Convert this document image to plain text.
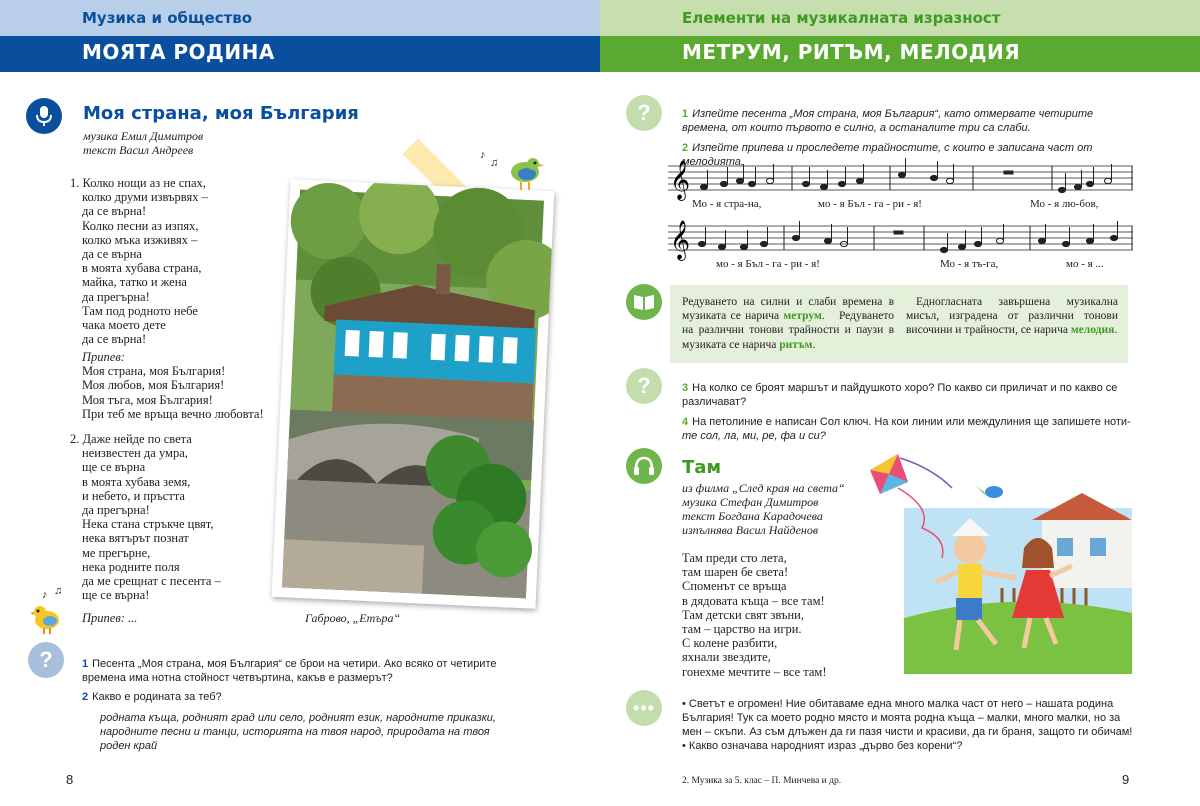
Музика и общество
МОЯТА РОДИНА
Елементи на музикалната изразност
МЕТРУМ, РИТЪМ, МЕЛОДИЯ
Моя страна, моя България
музика Емил Димитров
текст Васил Андреев

1. Колко нощи аз не спах,

колко друми извървях –

да се върна!

Колко песни аз изпях,

колко мъка изживях –

да се върна

в моята хубава страна,

майка, татко и жена

да прегърна!

Там под родното небе

чака моето дете

да се върна!

Припев:

Моя страна, моя България!

Моя любов, моя България!

Моя тъга, моя България!

При теб ме връща вечно любовта!

2. Даже нейде по света

неизвестен да умра,

ще се върна

в моята хубава земя,

и небето, и пръстта

да прегърна!

Нека стана стръкче цвят,

нека вятърът познат

ме прегърне,

нека родните поля

да ме срещнат с песента –

ще се върна!

Припев: ...	Габрово, „Етъра“
♪
♫
♪ ♫
?	1 Песента „Моя страна, моя България“ се брои на четири. Ако всяко от четирите времена има нотна стойност четвъртина, какъв е размерът?
2 Какво е родината за теб?
родната къща, родният град или село, родният език, народните приказки, народните песни и танци, историята на твоя народ, природата на твоя роден край
8
?	1 Изпейте песента „Моя страна, моя България“, като отмервате четирите времена, от които първото е силно, а останалите три са слаби.
2 Изпейте припева и проследете трайностите, с които е записана част от мелодията.
𝄞
Мо - я стра-на,	мо - я Бъл - га - ри - я!	Мо - я лю-бов,
𝄞
мо - я Бъл - га - ри - я!	Мо - я тъ-га,	мо - я ...
Редуването на силни и слаби времена в музиката се нарича метрум. Редуването на различни тонови трайности и паузи в музиката се нарича ритъм.
Едногласната завършена музикална мисъл, изградена от различни тонови височини и трайности, се нарича мелодия.
?	3 На колко се броят маршът и пайдушкото хоро? По какво си приличат и по какво се различават?
4 На петолиние е написан Сол ключ. На кои линии или междулиния ще запишете ноти-
те сол, ла, ми, ре, фа и си?
Там
из филма „След края на света“
музика Стефан Димитров
текст Богдана Карадочева
изпълнява Васил Найденов

Там преди сто лета,

там шарен бе света!

Споменът се връща

в дядовата къща – все там!

Там детски свят звъни,

там – царство на игри.

С колене разбити,

яхнали звездите,

гонехме мечтите – все там!

••• • Светът е огромен! Ние обитаваме една много малка част от него – нашата родина България! Тук са моето родно място и моята родна къща – малки, много малки, но за мен – скъпи. Аз съм длъжен да ги пазя чисти и красиви, да ги браня, защото ги обичам!
• Какво означава народният израз „дърво без корени“?
2. Музика за 5. клас – П. Минчева и др.	9
